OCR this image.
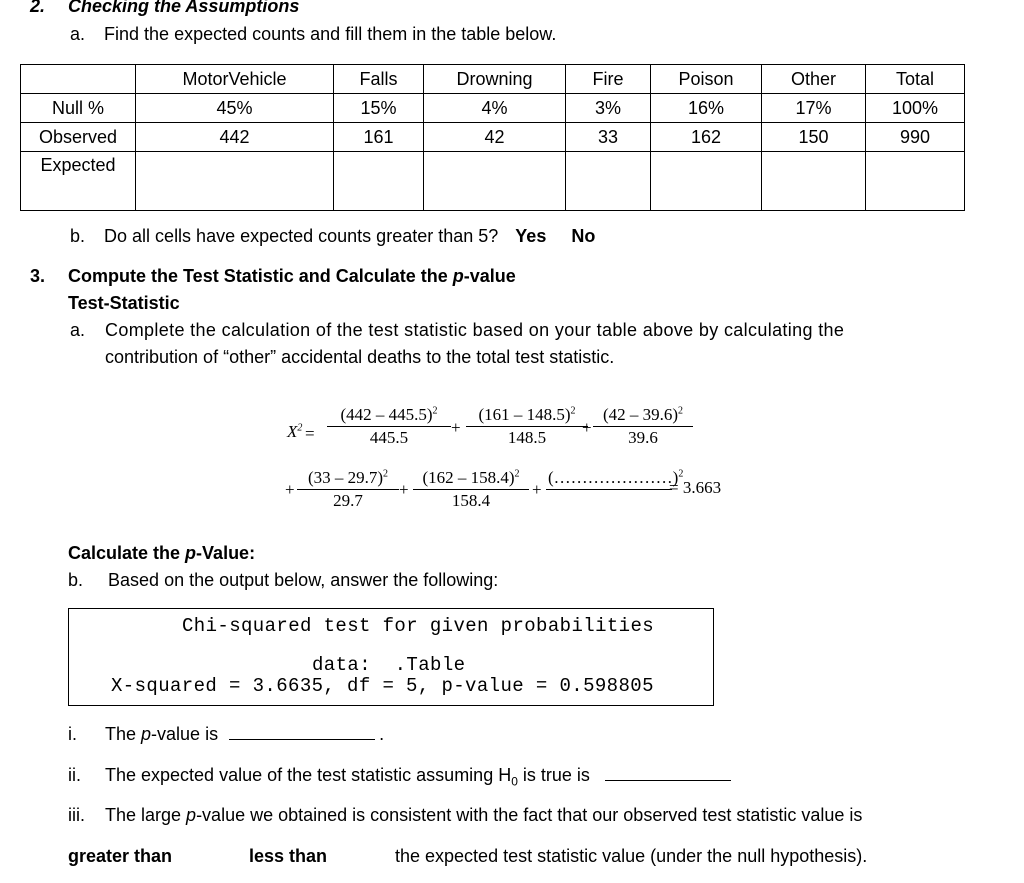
2. Checking the Assumptions
a. Find the expected counts and fill them in the table below.
	MotorVehicle	Falls	Drowning	Fire	Poison	Other	Total
Null %	45%	15%	4%	3%	16%	17%	100%
Observed	442	161	42	33	162	150	990
Expected							
b. Do all cells have expected counts greater than 5? Yes No
3. Compute the Test Statistic and Calculate the p-value
Test-Statistic
a. Complete the calculation of the test statistic based on your table above by calculating the
contribution of “other” accidental deaths to the total test statistic.
$X^2 = \frac{(442 - 445.5)^2}{445.5} + \frac{(161 - 148.5)^2}{148.5}$
+ $\frac{(42 - 39.6)^2}{39.6}$
+ $\frac{(33 - 29.7)^2}{29.7} + \frac{(162 - 158.4)^2}{158.4}$ +
(…………………)$^2$
= 3.663
Calculate the p-Value:
b. Based on the output below, answer the following:
Chi-squared test for given probabilities
data:  .Table
X-squared = 3.6635, df = 5, p-value = 0.598805
i. The p-value is	.
ii. The expected value of the test statistic assuming $H_0$ is true is
iii. The large p-value we obtained is consistent with the fact that our observed test statistic value is
greater than	less than	the expected test statistic value (under the null hypothesis).
